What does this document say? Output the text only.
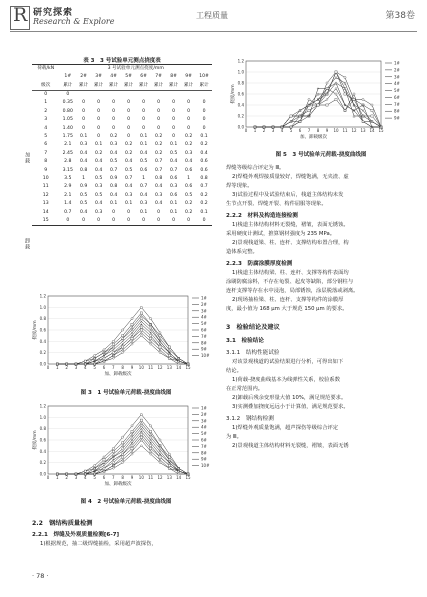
R 研究探索
Research & Explore
工程质量	第38卷
表 3　3 号试验单元测点挠度表
荷载/kN	3 号试验单元测点挠度/mm									
	1#	2#	3#	4#	5#	6#	7#	8#	9#	10#
级次	累计	累计	累计	累计	累计	累计	累计	累计	累计	累计
0	0									
1	0.35	0	0	0	0	0	0	0	0	0
2	0.80	0	0	0	0	0	0	0	0	0
3	1.05	0	0	0	0	0	0	0	0	0
4	1.40	0	0	0	0	0	0	0	0	0
5	1.75	0.1	0	0.2	0	0.1	0.2	0	0.2	0.1
6	2.1	0.3	0.1	0.3	0.2	0.1	0.2	0.1	0.2	0.2
7	2.45	0.4	0.2	0.4	0.2	0.4	0.2	0.5	0.3	0.4
8	2.8	0.4	0.4	0.5	0.4	0.5	0.7	0.4	0.4	0.6
9	3.15	0.8	0.4	0.7	0.5	0.6	0.7	0.7	0.6	0.6
10	3.5	1	0.5	0.9	0.7	1	0.8	0.6	1	0.8
11	2.9	0.9	0.3	0.8	0.4	0.7	0.4	0.3	0.6	0.7
12	2.1	0.5	0.5	0.4	0.3	0.4	0.3	0.6	0.5	0.2
13	1.4	0.5	0.4	0.1	0.1	0.3	0.4	0.1	0.2	0.2
14	0.7	0.4	0.3	0	0	0.1	0	0.1	0.2	0.1
15	0	0	0	0	0	0	0	0	0	0
加载
卸载
0.0
0.2
0.4
0.6
0.8
1.0
1.2
0 1 2 3 4 5 6 7 8 9 10 11 12 13 14 15
加、卸载级次
挠度/mm
1#
2#
3#
4#
5#
6#
7#
8#
9#
10#
图 3　1 号试验单元荷载-挠度曲线图
0.0
0.2
0.4
0.6
0.8
1.0
1.2
0 1 2 3 4 5 6 7 8 9 10 11 12 13 14 15
加、卸载级次
挠度/mm
1#
2#
3#
4#
5#
6#
7#
8#
9#
10#
图 4　2 号试验单元荷载-挠度曲线图
2.2　钢结构质量检测
2.2.1　焊缝及外观质量检测[6-7]
1)根据规范，抽二级焊缝抽检，采用超声波探伤，
0.0
0.2
0.4
0.6
0.8
1.0
1.2
0 1 2 3 4 5 6 7 8 9 10 11 12 13 14 15
加、卸载级次
挠度/mm
1#
2#
3#
4#
5#
6#
7#
8#
9#
图 5　3 号试验单元荷载-挠度曲线图
焊缝等级综合评定为 Ⅲ。
2)焊缝外观焊接质量较好，焊缝饱满，无夹渣、虚
焊等现象。
3)试验过程中及试验结束后，栈道主体结构未发
生节点开裂、焊缝开裂、构件屈服等现象。
2.2.2　材料及构造连接检测
1)栈道主体结构材料无裂缝，褶皱，表面无锈蚀。
采用硬度计测试，推算钢材强度为 235 MPa。
2)景观栈道梁、柱、连杆、支撑结构布置合理，构
造体系完整。
2.2.3　防腐涂膜厚度检测
1)栈道主体结构梁、柱、连杆、支撑等构件表面均
涂刷防腐涂料，不存在龟裂、起皮等缺陷，部分钢柱与
连杆支撑等存在水中浸泡，局部锈蚀，涂层脱落或剥离。
2)现场抽检梁、柱、连杆、支撑等构件的涂膜厚
度，最小值为 168 μm 大于规范 150 μm 的要求。
3　检验结论及建议
3.1　检验结论
3.1.1　结构性能试验
对该景观栈道的试验结果进行分析，可得出如下
结论。
1)荷载-挠度曲线基本为线弹性关系，校验系数
在正常范围内。
2)卸载后残余变形量大值 10%，满足规范要求。
3)实测叠加挠度远远小于计算值，满足规范要求。
3.1.2　钢结构检测
1)焊缝外观质量饱满，超声探伤等级综合评定
为 Ⅲ。
2)景观栈道主体结构材料无裂缝，褶皱，表面无锈
· 78 ·
